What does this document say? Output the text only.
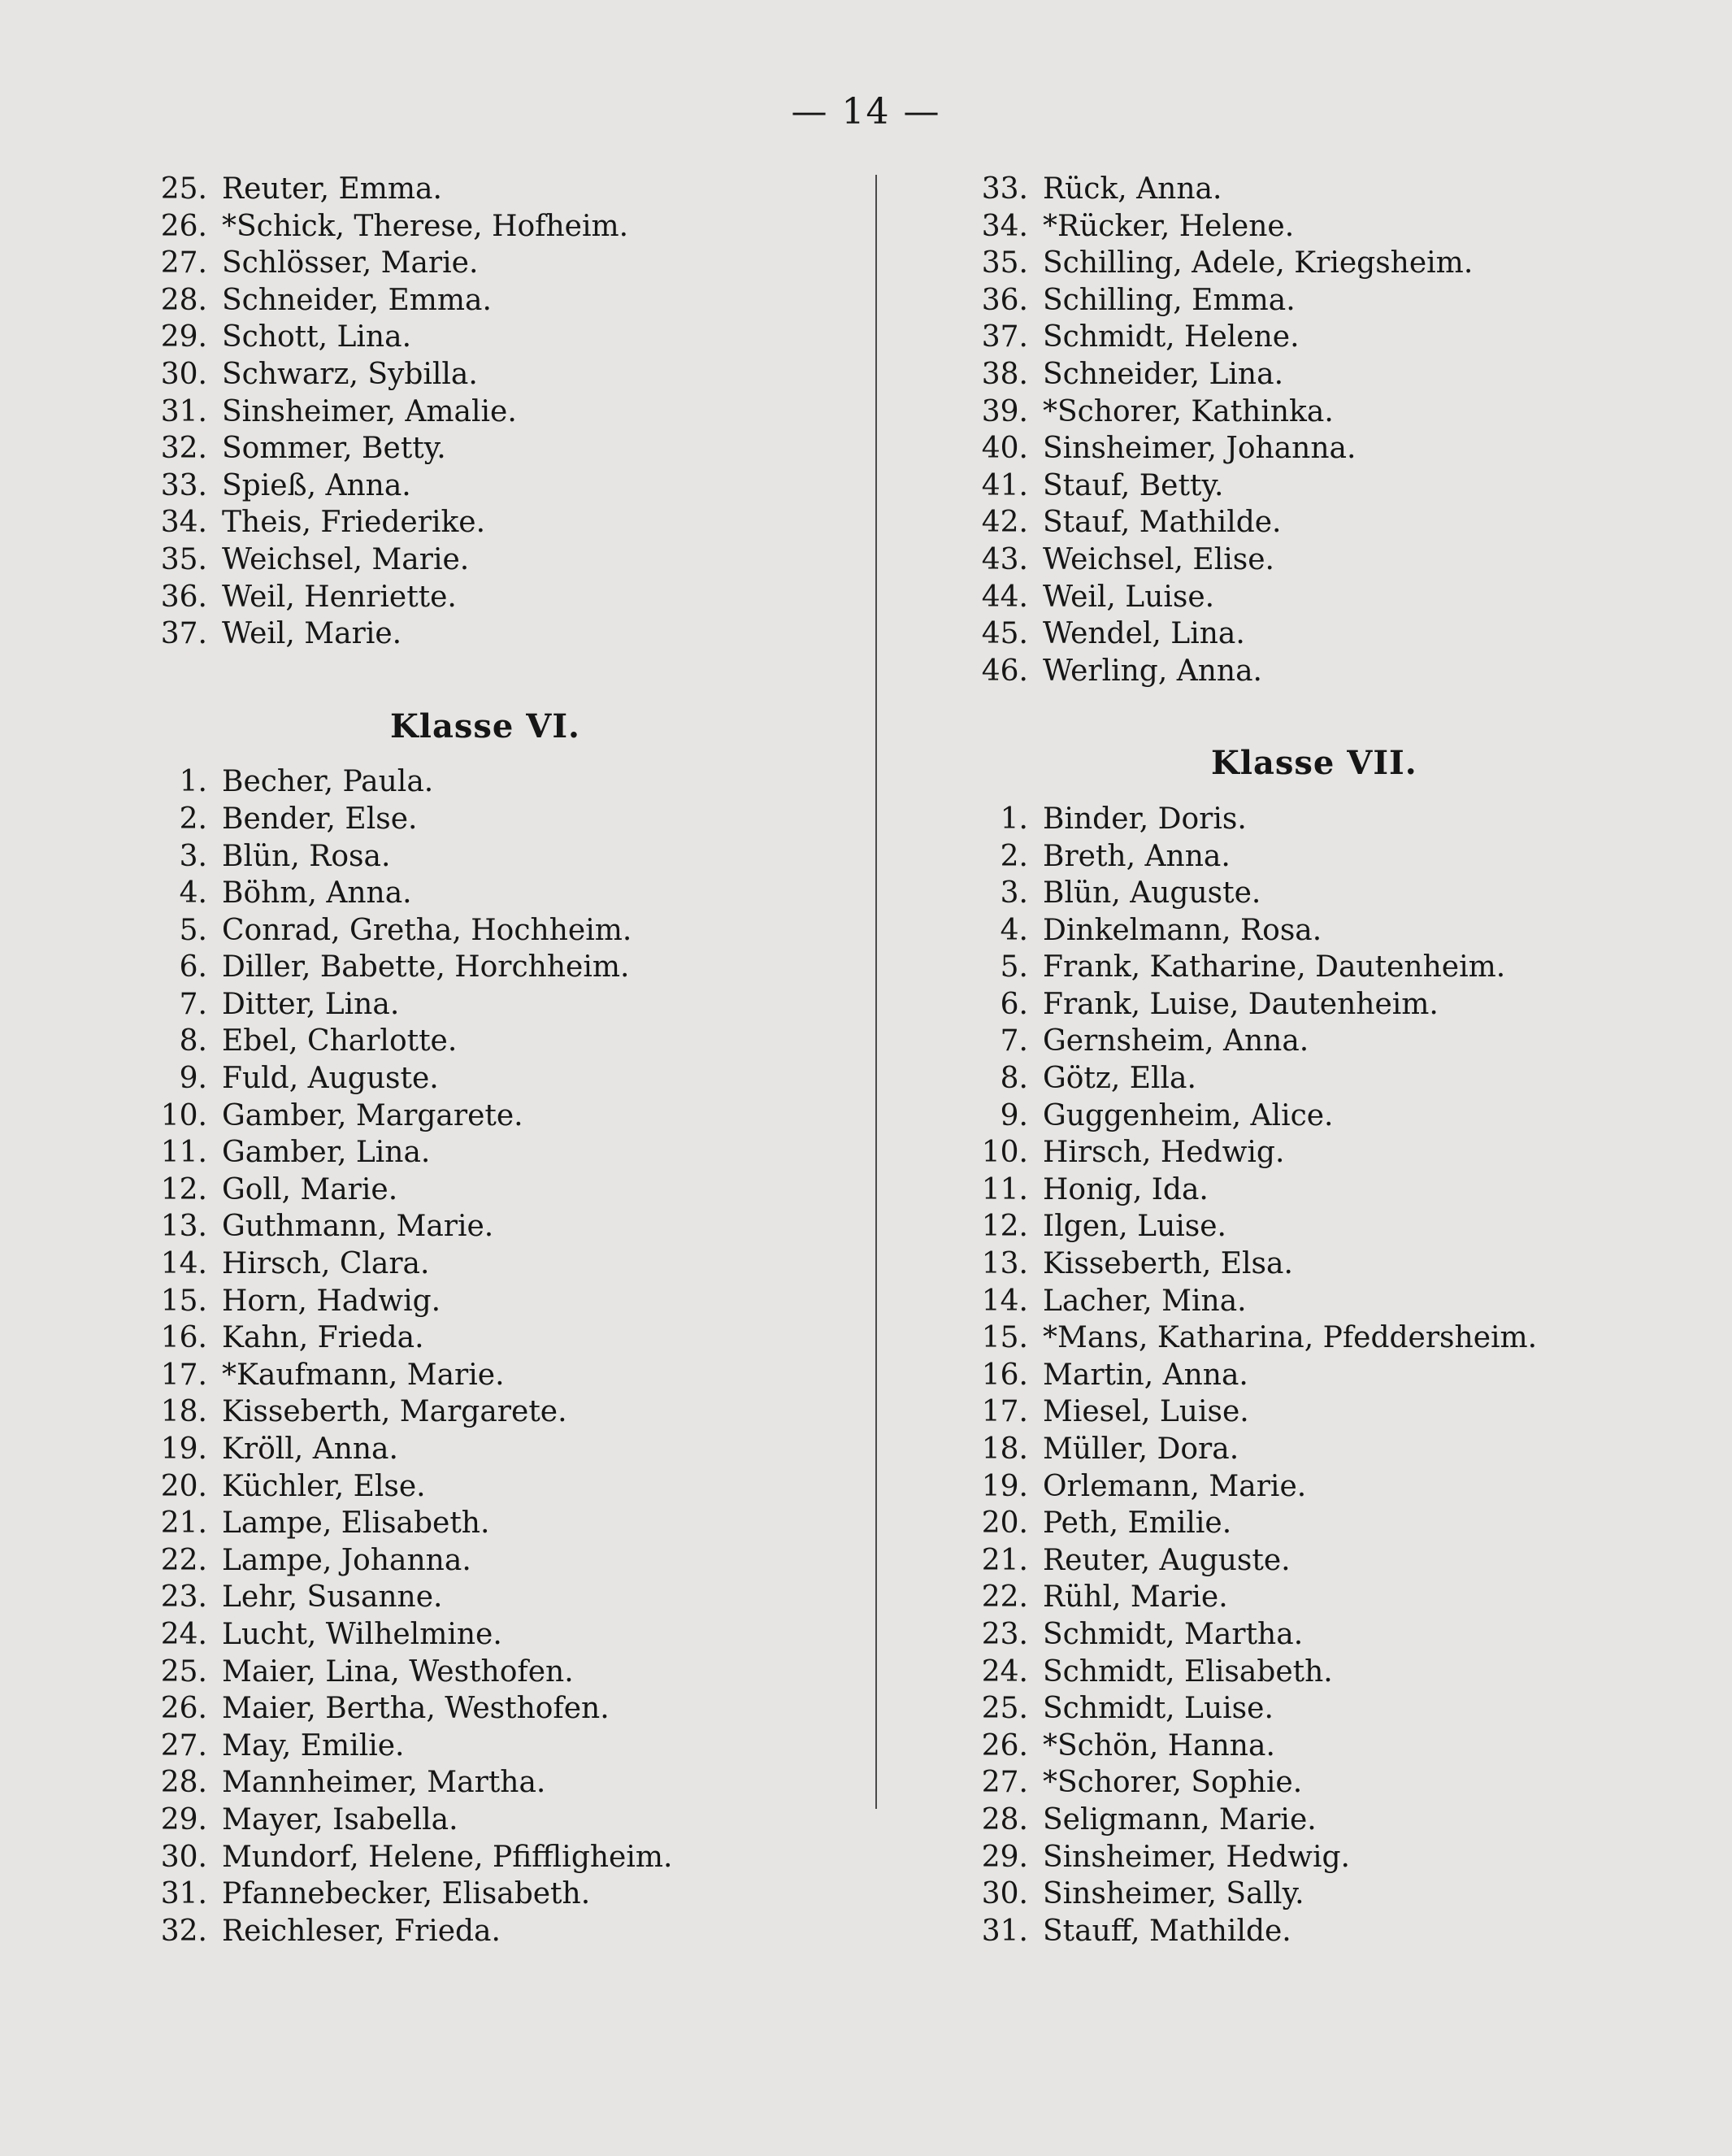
— 14 —
25. Reuter, Emma.
26. *Schick, Therese, Hofheim.
27. Schlösser, Marie.
28. Schneider, Emma.
29. Schott, Lina.
30. Schwarz, Sybilla.
31. Sinsheimer, Amalie.
32. Sommer, Betty.
33. Spieß, Anna.
34. Theis, Friederike.
35. Weichsel, Marie.
36. Weil, Henriette.
37. Weil, Marie.
Klasse VI.
1. Becher, Paula.
2. Bender, Else.
3. Blün, Rosa.
4. Böhm, Anna.
5. Conrad, Gretha, Hochheim.
6. Diller, Babette, Horchheim.
7. Ditter, Lina.
8. Ebel, Charlotte.
9. Fuld, Auguste.
10. Gamber, Margarete.
11. Gamber, Lina.
12. Goll, Marie.
13. Guthmann, Marie.
14. Hirsch, Clara.
15. Horn, Hadwig.
16. Kahn, Frieda.
17. *Kaufmann, Marie.
18. Kisseberth, Margarete.
19. Kröll, Anna.
20. Küchler, Else.
21. Lampe, Elisabeth.
22. Lampe, Johanna.
23. Lehr, Susanne.
24. Lucht, Wilhelmine.
25. Maier, Lina, Westhofen.
26. Maier, Bertha, Westhofen.
27. May, Emilie.
28. Mannheimer, Martha.
29. Mayer, Isabella.
30. Mundorf, Helene, Pfiffligheim.
31. Pfannebecker, Elisabeth.
32. Reichleser, Frieda.
33. Rück, Anna.
34. *Rücker, Helene.
35. Schilling, Adele, Kriegsheim.
36. Schilling, Emma.
37. Schmidt, Helene.
38. Schneider, Lina.
39. *Schorer, Kathinka.
40. Sinsheimer, Johanna.
41. Stauf, Betty.
42. Stauf, Mathilde.
43. Weichsel, Elise.
44. Weil, Luise.
45. Wendel, Lina.
46. Werling, Anna.
Klasse VII.
1. Binder, Doris.
2. Breth, Anna.
3. Blün, Auguste.
4. Dinkelmann, Rosa.
5. Frank, Katharine, Dautenheim.
6. Frank, Luise, Dautenheim.
7. Gernsheim, Anna.
8. Götz, Ella.
9. Guggenheim, Alice.
10. Hirsch, Hedwig.
11. Honig, Ida.
12. Ilgen, Luise.
13. Kisseberth, Elsa.
14. Lacher, Mina.
15. *Mans, Katharina, Pfeddersheim.
16. Martin, Anna.
17. Miesel, Luise.
18. Müller, Dora.
19. Orlemann, Marie.
20. Peth, Emilie.
21. Reuter, Auguste.
22. Rühl, Marie.
23. Schmidt, Martha.
24. Schmidt, Elisabeth.
25. Schmidt, Luise.
26. *Schön, Hanna.
27. *Schorer, Sophie.
28. Seligmann, Marie.
29. Sinsheimer, Hedwig.
30. Sinsheimer, Sally.
31. Stauff, Mathilde.
